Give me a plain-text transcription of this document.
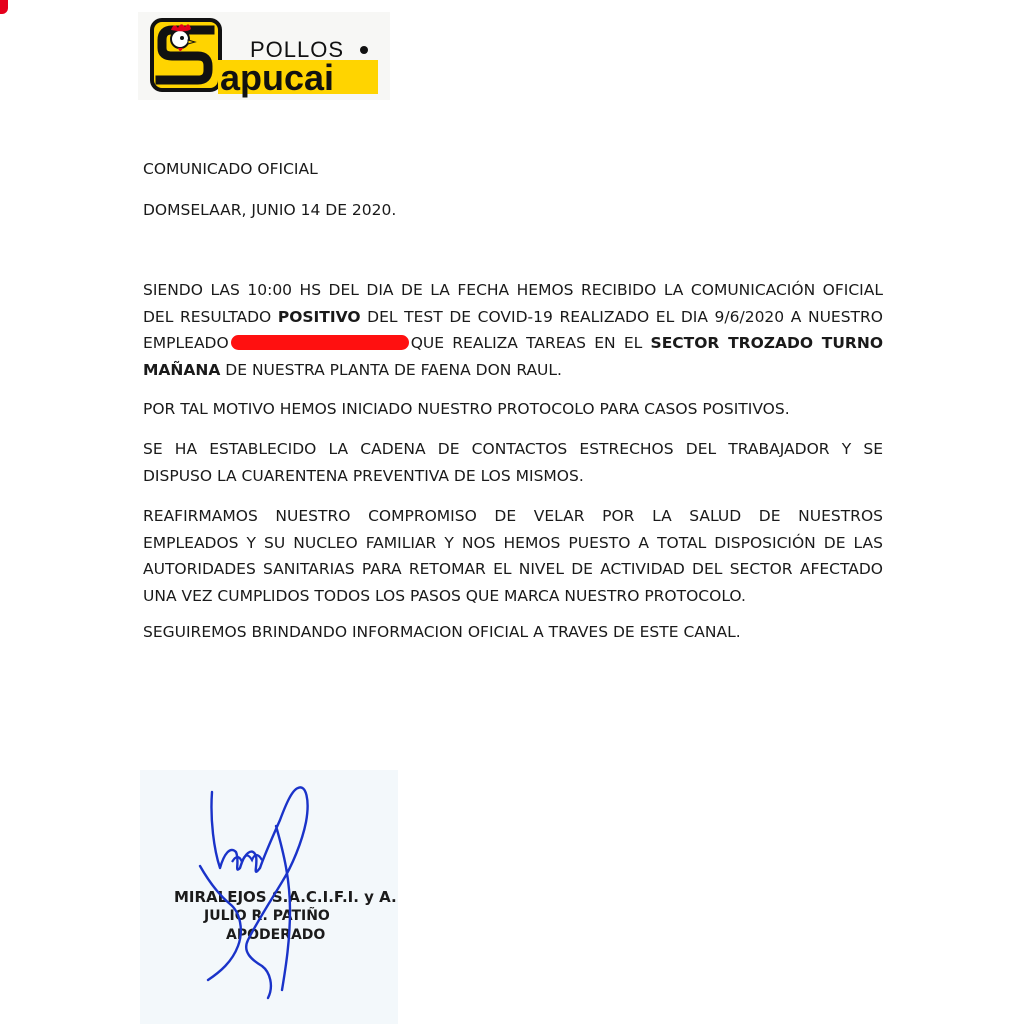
POLLOS
apucai
COMUNICADO OFICIAL
DOMSELAAR, JUNIO 14 DE 2020.
SIENDO LAS 10:00 HS DEL DIA DE LA FECHA HEMOS RECIBIDO LA COMUNICACIÓN OFICIAL
DEL RESULTADO POSITIVO DEL TEST DE COVID-19 REALIZADO EL DIA 9/6/2020 A NUESTRO
EMPLEADO	QUE REALIZA TAREAS EN EL SECTOR TROZADO TURNO
MAÑANA DE NUESTRA PLANTA DE FAENA DON RAUL.
POR TAL MOTIVO HEMOS INICIADO NUESTRO PROTOCOLO PARA CASOS POSITIVOS.
SE HA ESTABLECIDO LA CADENA DE CONTACTOS ESTRECHOS DEL TRABAJADOR Y SE
DISPUSO LA CUARENTENA PREVENTIVA DE LOS MISMOS.
REAFIRMAMOS NUESTRO COMPROMISO DE VELAR POR LA SALUD DE NUESTROS
EMPLEADOS Y SU NUCLEO FAMILIAR Y NOS HEMOS PUESTO A TOTAL DISPOSICIÓN DE LAS
AUTORIDADES SANITARIAS PARA RETOMAR EL NIVEL DE ACTIVIDAD DEL SECTOR AFECTADO
UNA VEZ CUMPLIDOS TODOS LOS PASOS QUE MARCA NUESTRO PROTOCOLO.
SEGUIREMOS BRINDANDO INFORMACION OFICIAL A TRAVES DE ESTE CANAL.
MIRALEJOS S.A.C.I.F.I. y A.
JULIO R. PATIÑO
APODERADO
